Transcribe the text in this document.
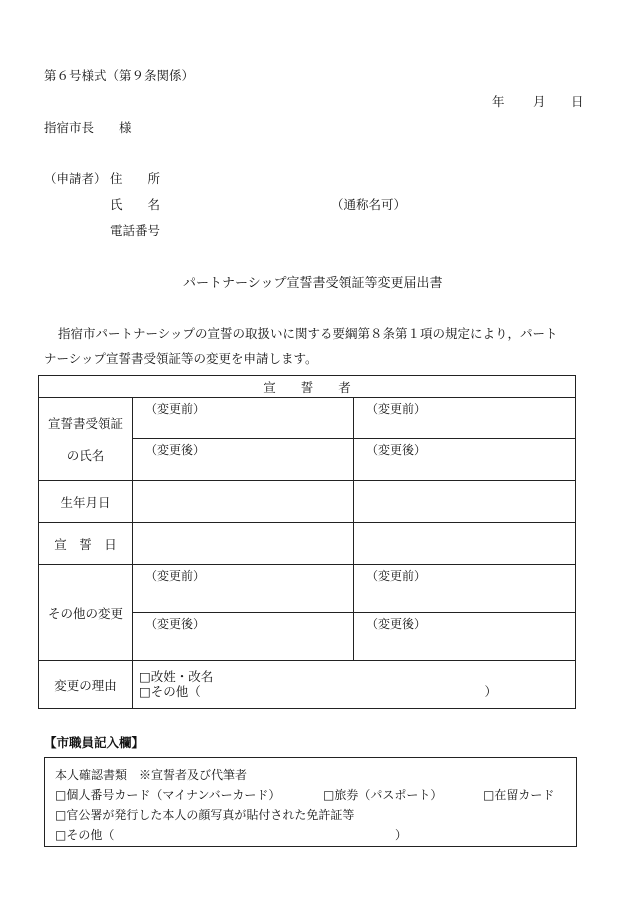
第６号様式（第９条関係）
年 月 日
指宿市長　　様
（申請者） 住　　所
氏　　名	（通称名可）
電話番号
パートナーシップ宣誓書受領証等変更届出書
指宿市パートナーシップの宣誓の取扱いに関する要綱第８条第１項の規定により，パート
ナーシップ宣誓書受領証等の変更を申請します。
宣　　誓　　者		

宣誓書受領証
の氏名	（変更前）	（変更前）

	（変更後）	（変更後）

生年月日		
宣　誓　日		
その他の変更	（変更前）	（変更前）

	（変更後）	（変更後）

変更の理由	□改姓・改名
□その他（ ）	
【市職員記入欄】
本人確認書類　※宣誓者及び代筆者
□個人番号カード（マイナンバーカード）	□旅券（パスポート）	□在留カード
□官公署が発行した本人の顔写真が貼付された免許証等
□その他（	）
